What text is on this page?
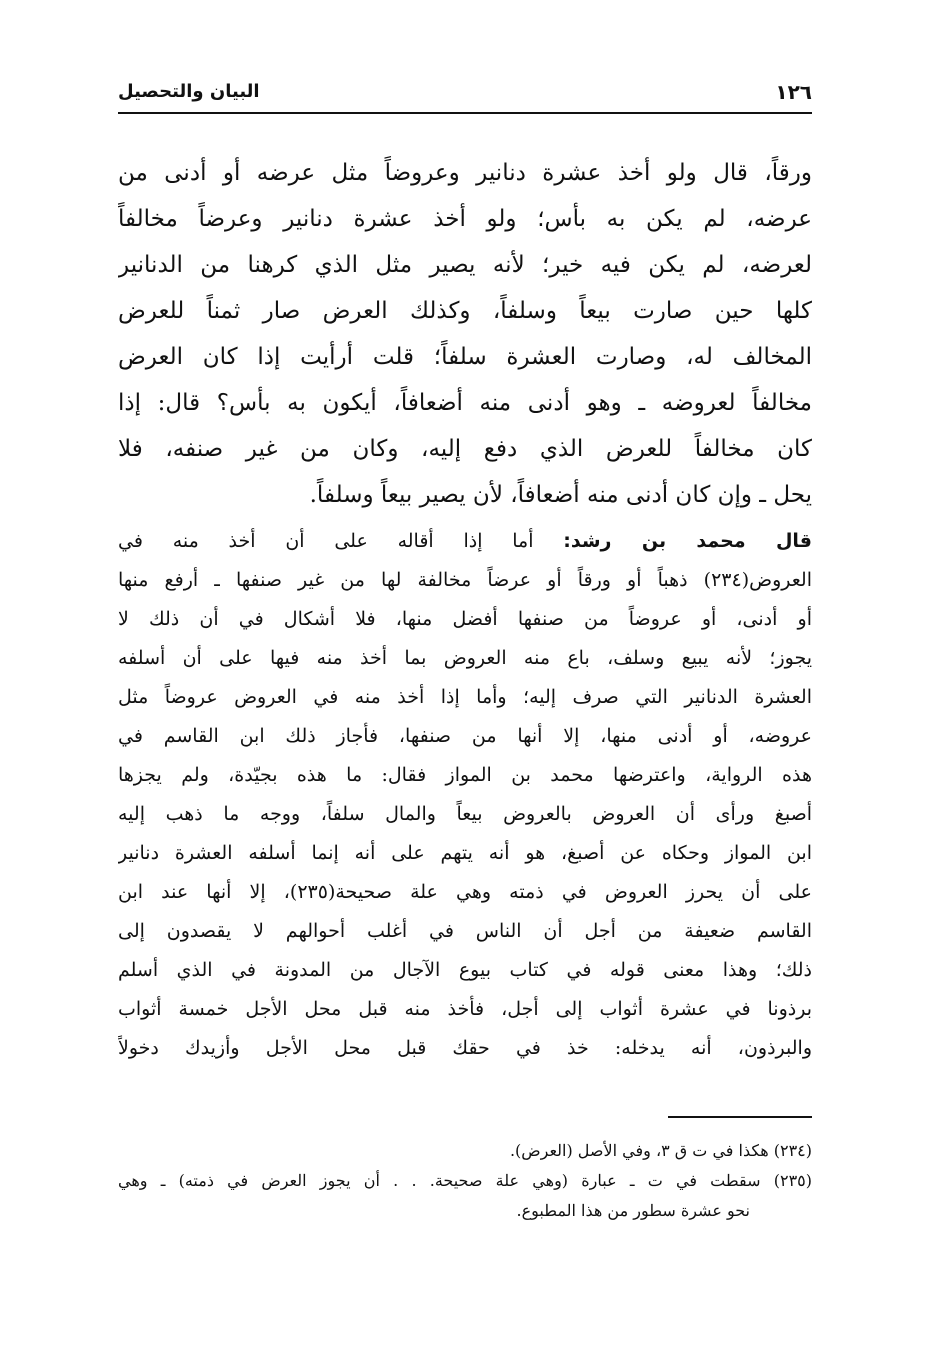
١٢٦
البيان والتحصيل
ورقاً، قال ولو أخذ عشرة دنانير وعروضاً مثل عرضه أو أدنى من
عرضه، لم يكن به بأس؛ ولو أخذ عشرة دنانير وعرضاً مخالفاً
لعرضه، لم يكن فيه خير؛ لأنه يصير مثل الذي كرهنا من الدنانير
كلها حين صارت بيعاً وسلفاً، وكذلك العرض صار ثمناً للعرض
المخالف له، وصارت العشرة سلفاً؛ قلت أرأيت إذا كان العرض
مخالفاً لعروضه ـ وهو أدنى منه أضعافاً، أيكون به بأس؟ قال: إذا
كان مخالفاً للعرض الذي دفع إليه، وكان من غير صنفه، فلا
يحل ـ وإن كان أدنى منه أضعافاً، لأن يصير بيعاً وسلفاً.
قال محمد بن رشد: أما إذا أقاله على أن أخذ منه في
العروض(٢٣٤) ذهباً أو ورقاً أو عرضاً مخالفة لها من غير صنفها ـ أرفع منها
أو أدنى، أو عروضاً من صنفها أفضل منها، فلا أشكال في أن ذلك لا
يجوز؛ لأنه يبيع وسلف، باع منه العروض بما أخذ منه فيها على أن أسلفه
العشرة الدنانير التي صرف إليه؛ وأما إذا أخذ منه في العروض عروضاً مثل
عروضه، أو أدنى منها، إلا أنها من صنفها، فأجاز ذلك ابن القاسم في
هذه الرواية، واعترضها محمد بن المواز فقال: ما هذه بجيّدة، ولم يجزها
أصبغ ورأى أن العروض بالعروض بيعاً والمال سلفاً، ووجه ما ذهب إليه
ابن المواز وحكاه عن أصبغ، هو أنه يتهم على أنه إنما أسلفه العشرة دنانير
على أن يحرز العروض في ذمته وهي علة صحيحة(٢٣٥)، إلا أنها عند ابن
القاسم ضعيفة من أجل أن الناس في أغلب أحوالهم لا يقصدون إلى
ذلك؛ وهذا معنى قوله في كتاب بيوع الآجال من المدونة في الذي أسلم
برذونا في عشرة أثواب إلى أجل، فأخذ منه قبل محل الأجل خمسة أثواب
والبرذون، أنه يدخله: خذ في حقك قبل محل الأجل وأزيدك دخولاً
(٢٣٤) هكذا في ت ق ٣، وفي الأصل (العرض).
(٢٣٥) سقطت في ت ـ عبارة (وهي علة صحيحة. . . أن يجوز العرض في ذمته) ـ وهي
نحو عشرة سطور من هذا المطبوع.
